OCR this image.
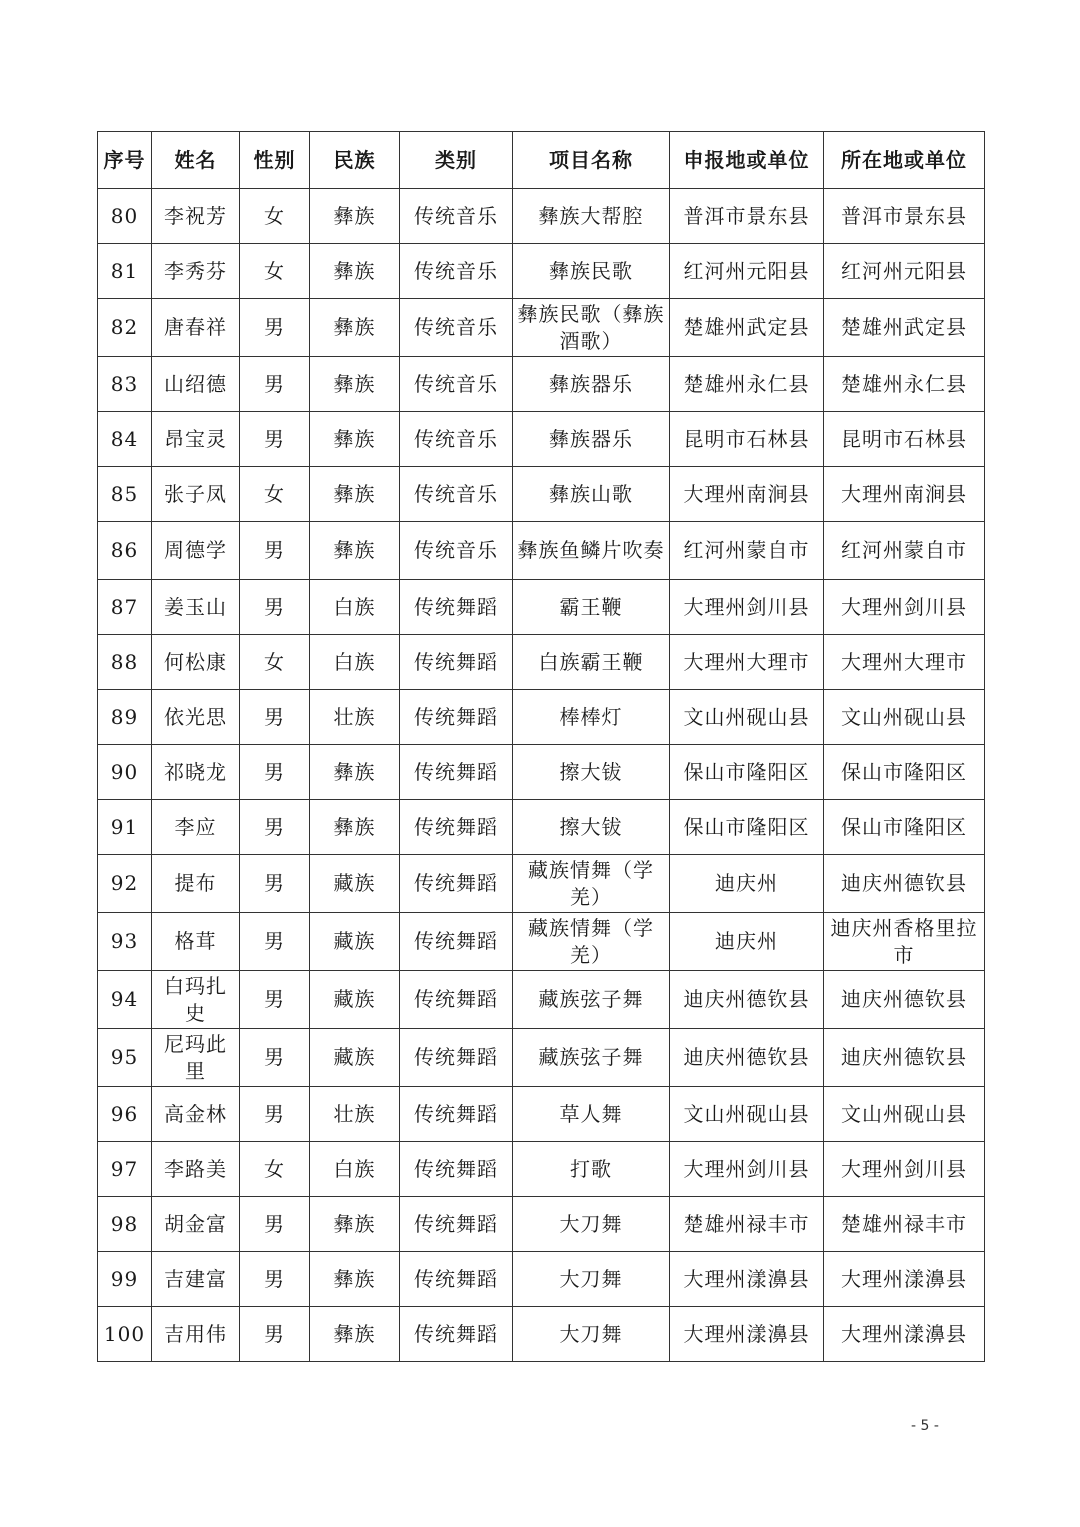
序号	姓名	性别	民族	类别	项目名称	申报地或单位	所在地或单位
80	李祝芳	女	彝族	传统音乐	彝族大帮腔	普洱市景东县	普洱市景东县
81	李秀芬	女	彝族	传统音乐	彝族民歌	红河州元阳县	红河州元阳县
82	唐春祥	男	彝族	传统音乐	彝族民歌（彝族酒歌）	楚雄州武定县	楚雄州武定县
83	山绍德	男	彝族	传统音乐	彝族器乐	楚雄州永仁县	楚雄州永仁县
84	昂宝灵	男	彝族	传统音乐	彝族器乐	昆明市石林县	昆明市石林县
85	张子凤	女	彝族	传统音乐	彝族山歌	大理州南涧县	大理州南涧县
86	周德学	男	彝族	传统音乐	彝族鱼鳞片吹奏	红河州蒙自市	红河州蒙自市
87	姜玉山	男	白族	传统舞蹈	霸王鞭	大理州剑川县	大理州剑川县
88	何松康	女	白族	传统舞蹈	白族霸王鞭	大理州大理市	大理州大理市
89	依光思	男	壮族	传统舞蹈	棒棒灯	文山州砚山县	文山州砚山县
90	祁晓龙	男	彝族	传统舞蹈	擦大钹	保山市隆阳区	保山市隆阳区
91	李应	男	彝族	传统舞蹈	擦大钹	保山市隆阳区	保山市隆阳区
92	提布	男	藏族	传统舞蹈	藏族情舞（学羌）	迪庆州	迪庆州德钦县
93	格茸	男	藏族	传统舞蹈	藏族情舞（学羌）	迪庆州	迪庆州香格里拉市
94	白玛扎史	男	藏族	传统舞蹈	藏族弦子舞	迪庆州德钦县	迪庆州德钦县
95	尼玛此里	男	藏族	传统舞蹈	藏族弦子舞	迪庆州德钦县	迪庆州德钦县
96	高金林	男	壮族	传统舞蹈	草人舞	文山州砚山县	文山州砚山县
97	李路美	女	白族	传统舞蹈	打歌	大理州剑川县	大理州剑川县
98	胡金富	男	彝族	传统舞蹈	大刀舞	楚雄州禄丰市	楚雄州禄丰市
99	吉建富	男	彝族	传统舞蹈	大刀舞	大理州漾濞县	大理州漾濞县
100	吉用伟	男	彝族	传统舞蹈	大刀舞	大理州漾濞县	大理州漾濞县
- 5 -
